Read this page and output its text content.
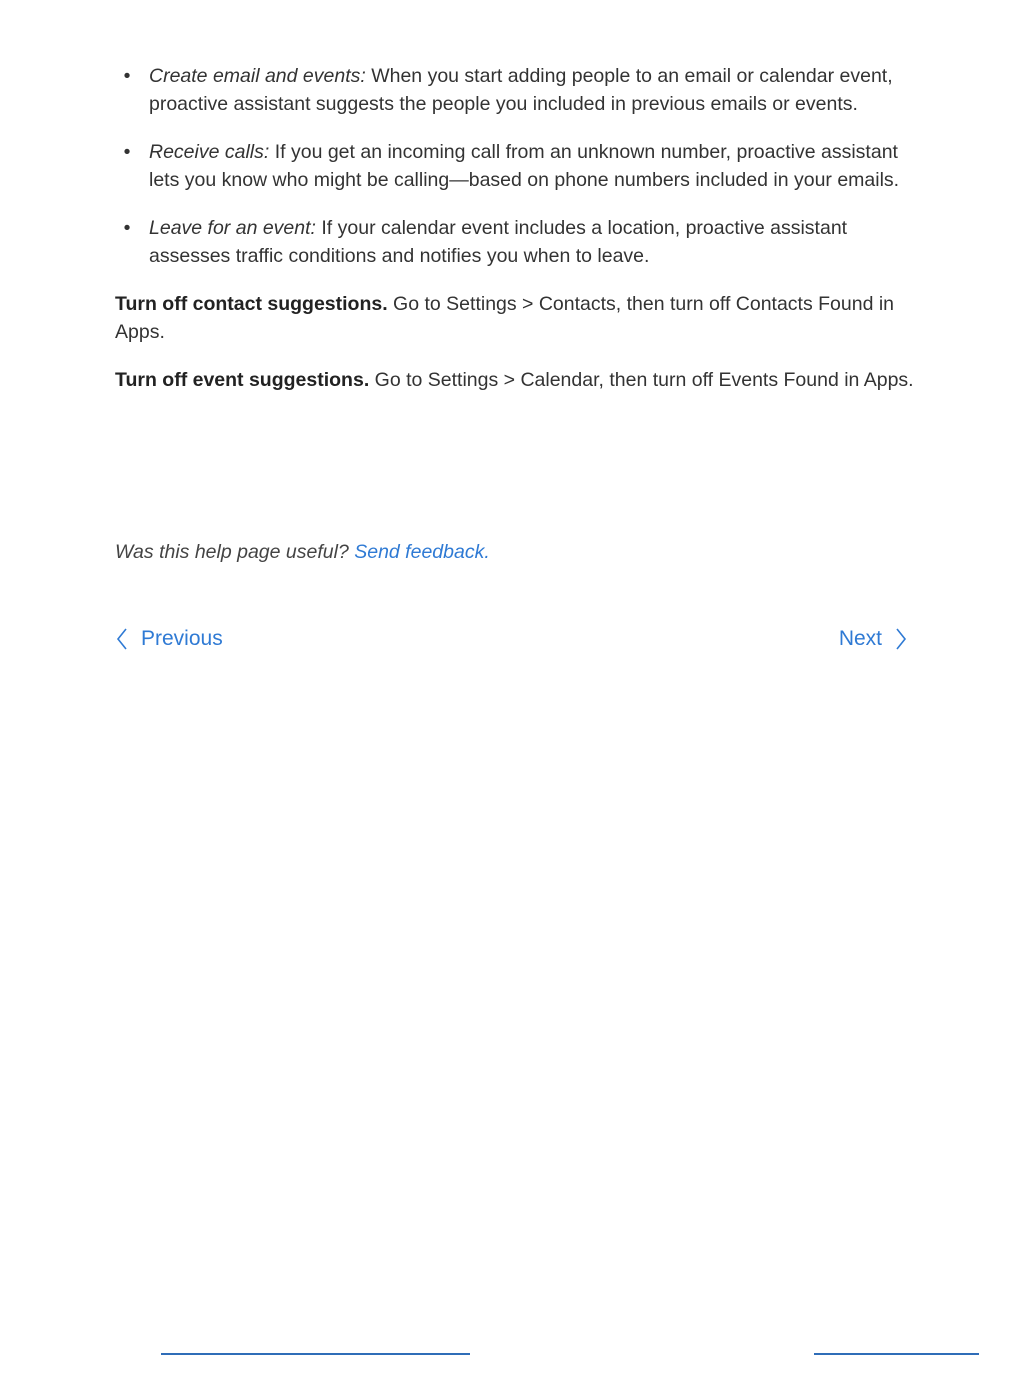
• Create email and events: When you start adding people to an email or calendar event, proactive assistant suggests the people you included in previous emails or events.
• Receive calls: If you get an incoming call from an unknown number, proactive assistant lets you know who might be calling—based on phone numbers included in your emails.
• Leave for an event: If your calendar event includes a location, proactive assistant assesses traffic conditions and notifies you when to leave.

Turn off contact suggestions. Go to Settings > Contacts, then turn off Contacts Found in Apps.

Turn off event suggestions. Go to Settings > Calendar, then turn off Events Found in Apps.

Was this help page useful? Send feedback.
Previous	Next
